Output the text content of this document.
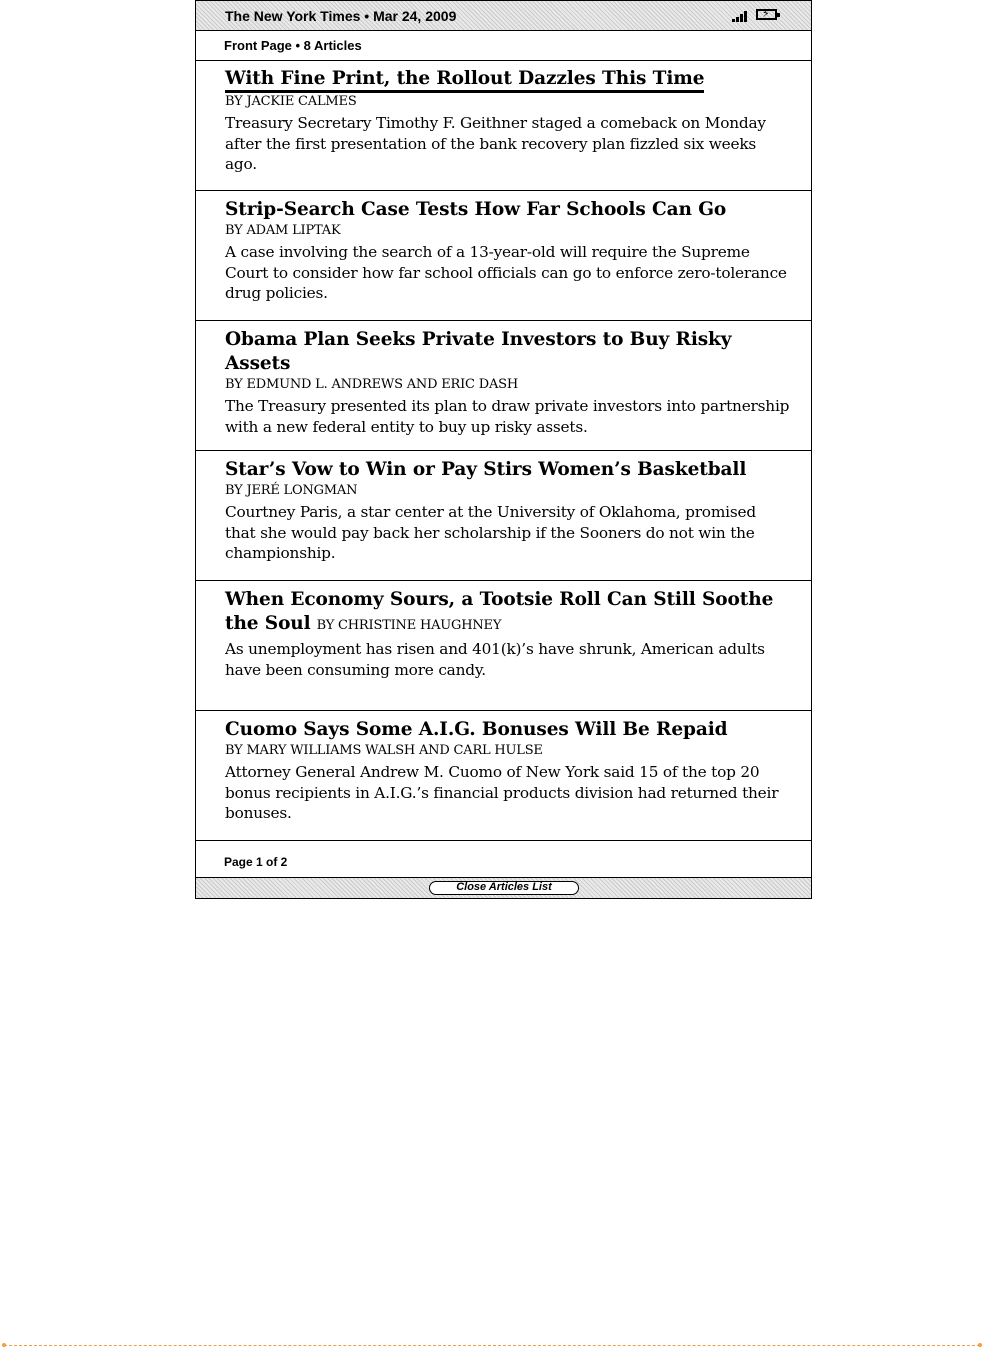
The New York Times • Mar 24, 2009	⚡
Front Page • 8 Articles
With Fine Print, the Rollout Dazzles This Time
BY JACKIE CALMES
Treasury Secretary Timothy F. Geithner staged a comeback on Monday after the first presentation of the bank recovery plan fizzled six weeks ago.
Strip-Search Case Tests How Far Schools Can Go
BY ADAM LIPTAK
A case involving the search of a 13-year-old will require the Supreme Court to consider how far school officials can go to enforce zero-tolerance drug policies.
Obama Plan Seeks Private Investors to Buy Risky Assets
BY EDMUND L. ANDREWS AND ERIC DASH
The Treasury presented its plan to draw private investors into partnership with a new federal entity to buy up risky assets.
Star’s Vow to Win or Pay Stirs Women’s Basketball
BY JERÉ LONGMAN
Courtney Paris, a star center at the University of Oklahoma, promised that she would pay back her scholarship if the Sooners do not win the championship.
When Economy Sours, a Tootsie Roll Can Still Soothe the Soul BY CHRISTINE HAUGHNEY
As unemployment has risen and 401(k)’s have shrunk, American adults have been consuming more candy.
Cuomo Says Some A.I.G. Bonuses Will Be Repaid
BY MARY WILLIAMS WALSH AND CARL HULSE
Attorney General Andrew M. Cuomo of New York said 15 of the top 20 bonus recipients in A.I.G.’s financial products division had returned their bonuses.
Page 1 of 2
Close Articles List
